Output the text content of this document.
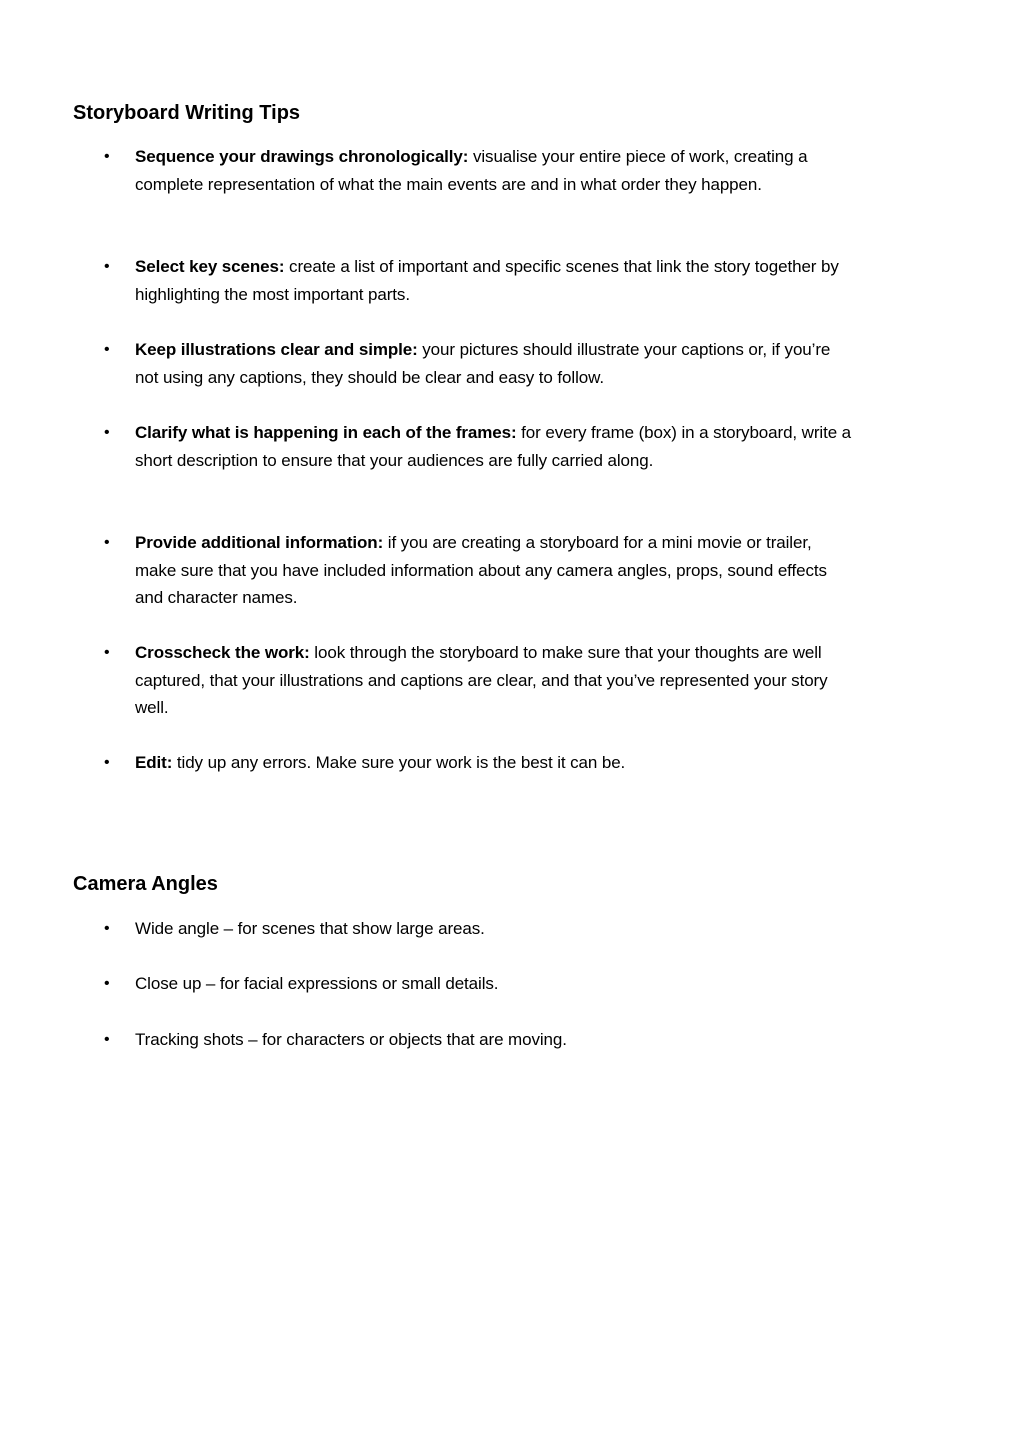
Storyboard Writing Tips
• Sequence your drawings chronologically: visualise your entire piece of work, creating a complete representation of what the main events are and in what order they happen.
• Select key scenes: create a list of important and specific scenes that link the story together by highlighting the most important parts.
• Keep illustrations clear and simple: your pictures should illustrate your captions or, if you’re not using any captions, they should be clear and easy to follow.
• Clarify what is happening in each of the frames: for every frame (box) in a storyboard, write a short description to ensure that your audiences are fully carried along.
• Provide additional information: if you are creating a storyboard for a mini movie or trailer, make sure that you have included information about any camera angles, props, sound effects and character names.
• Crosscheck the work: look through the storyboard to make sure that your thoughts are well captured, that your illustrations and captions are clear, and that you’ve represented your story well.
• Edit: tidy up any errors. Make sure your work is the best it can be.
Camera Angles
• Wide angle – for scenes that show large areas.
• Close up – for facial expressions or small details.
• Tracking shots – for characters or objects that are moving.
